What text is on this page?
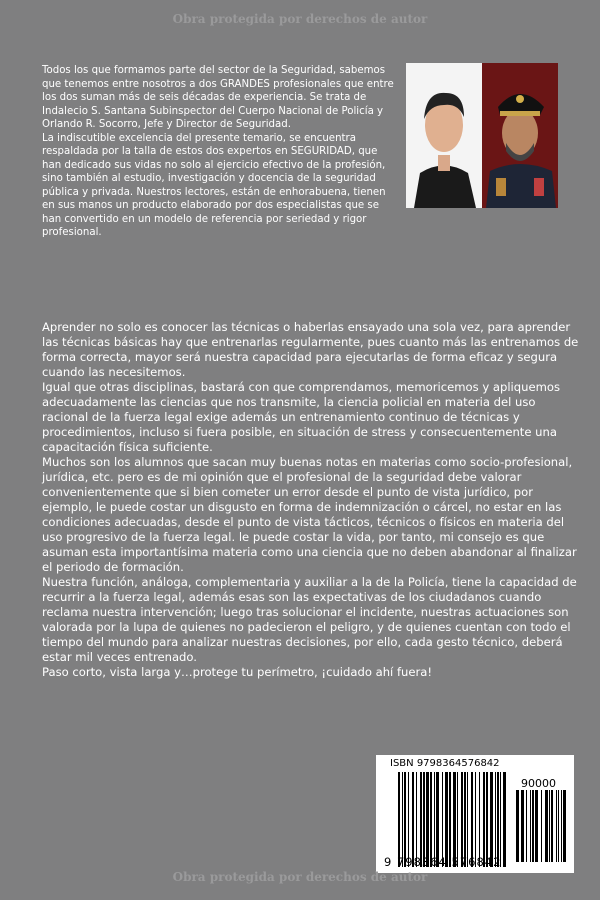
Obra protegida por derechos de autor

Todos los que formamos parte del sector de la Seguridad, sabemos que tenemos entre nosotros a dos GRANDES profesionales que entre los dos suman más de seis décadas de experiencia. Se trata de Indalecio S. Santana Subinspector del Cuerpo Nacional de Policía y Orlando R. Socorro, Jefe y Director de Seguridad.

La indiscutible excelencia del presente temario, se encuentra respaldada por la talla de estos dos expertos en SEGURIDAD, que han dedicado sus vidas no solo al ejercicio efectivo de la profesión, sino también al estudio, investigación y docencia de la seguridad pública y privada. Nuestros lectores, están de enhorabuena, tienen en sus manos un producto elaborado por dos especialistas que se han convertido en un modelo de referencia por seriedad y rigor profesional.

Aprender no solo es conocer las técnicas o haberlas ensayado una sola vez, para aprender las técnicas básicas hay que entrenarlas regularmente, pues cuanto más las entrenamos de forma correcta, mayor será nuestra capacidad para ejecutarlas de forma eficaz y segura cuando las necesitemos.

Igual que otras disciplinas, bastará con que comprendamos, memoricemos y apliquemos adecuadamente las ciencias que nos transmite, la ciencia policial en materia del uso racional de la fuerza legal exige además un entrenamiento continuo de técnicas y procedimientos, incluso si fuera posible, en situación de stress y consecuentemente una capacitación física suficiente.

Muchos son los alumnos que sacan muy buenas notas en materias como socio-profesional, jurídica, etc. pero es de mi opinión que el profesional de la seguridad debe valorar convenientemente que si bien cometer un error desde el punto de vista jurídico, por ejemplo, le puede costar un disgusto en forma de indemnización o cárcel, no estar en las condiciones adecuadas, desde el punto de vista tácticos, técnicos o físicos en materia del uso progresivo de la fuerza legal. le puede costar la vida, por tanto, mi consejo es que asuman esta importantísima materia como una ciencia que no deben abandonar al finalizar el periodo de formación.

Nuestra función, análoga, complementaria y auxiliar a la de la Policía, tiene la capacidad de recurrir a la fuerza legal, además esas son las expectativas de los ciudadanos cuando reclama nuestra intervención; luego tras solucionar el incidente, nuestras actuaciones son valorada por la lupa de quienes no padecieron el peligro, y de quienes cuentan con todo el tiempo del mundo para analizar nuestras decisiones, por ello, cada gesto técnico, deberá estar mil veces entrenado.

Paso corto, vista larga y…protege tu perímetro, ¡cuidado ahí fuera!

ISBN 9798364576842
90000
9 798364 576842
Obra protegida por derechos de autor
